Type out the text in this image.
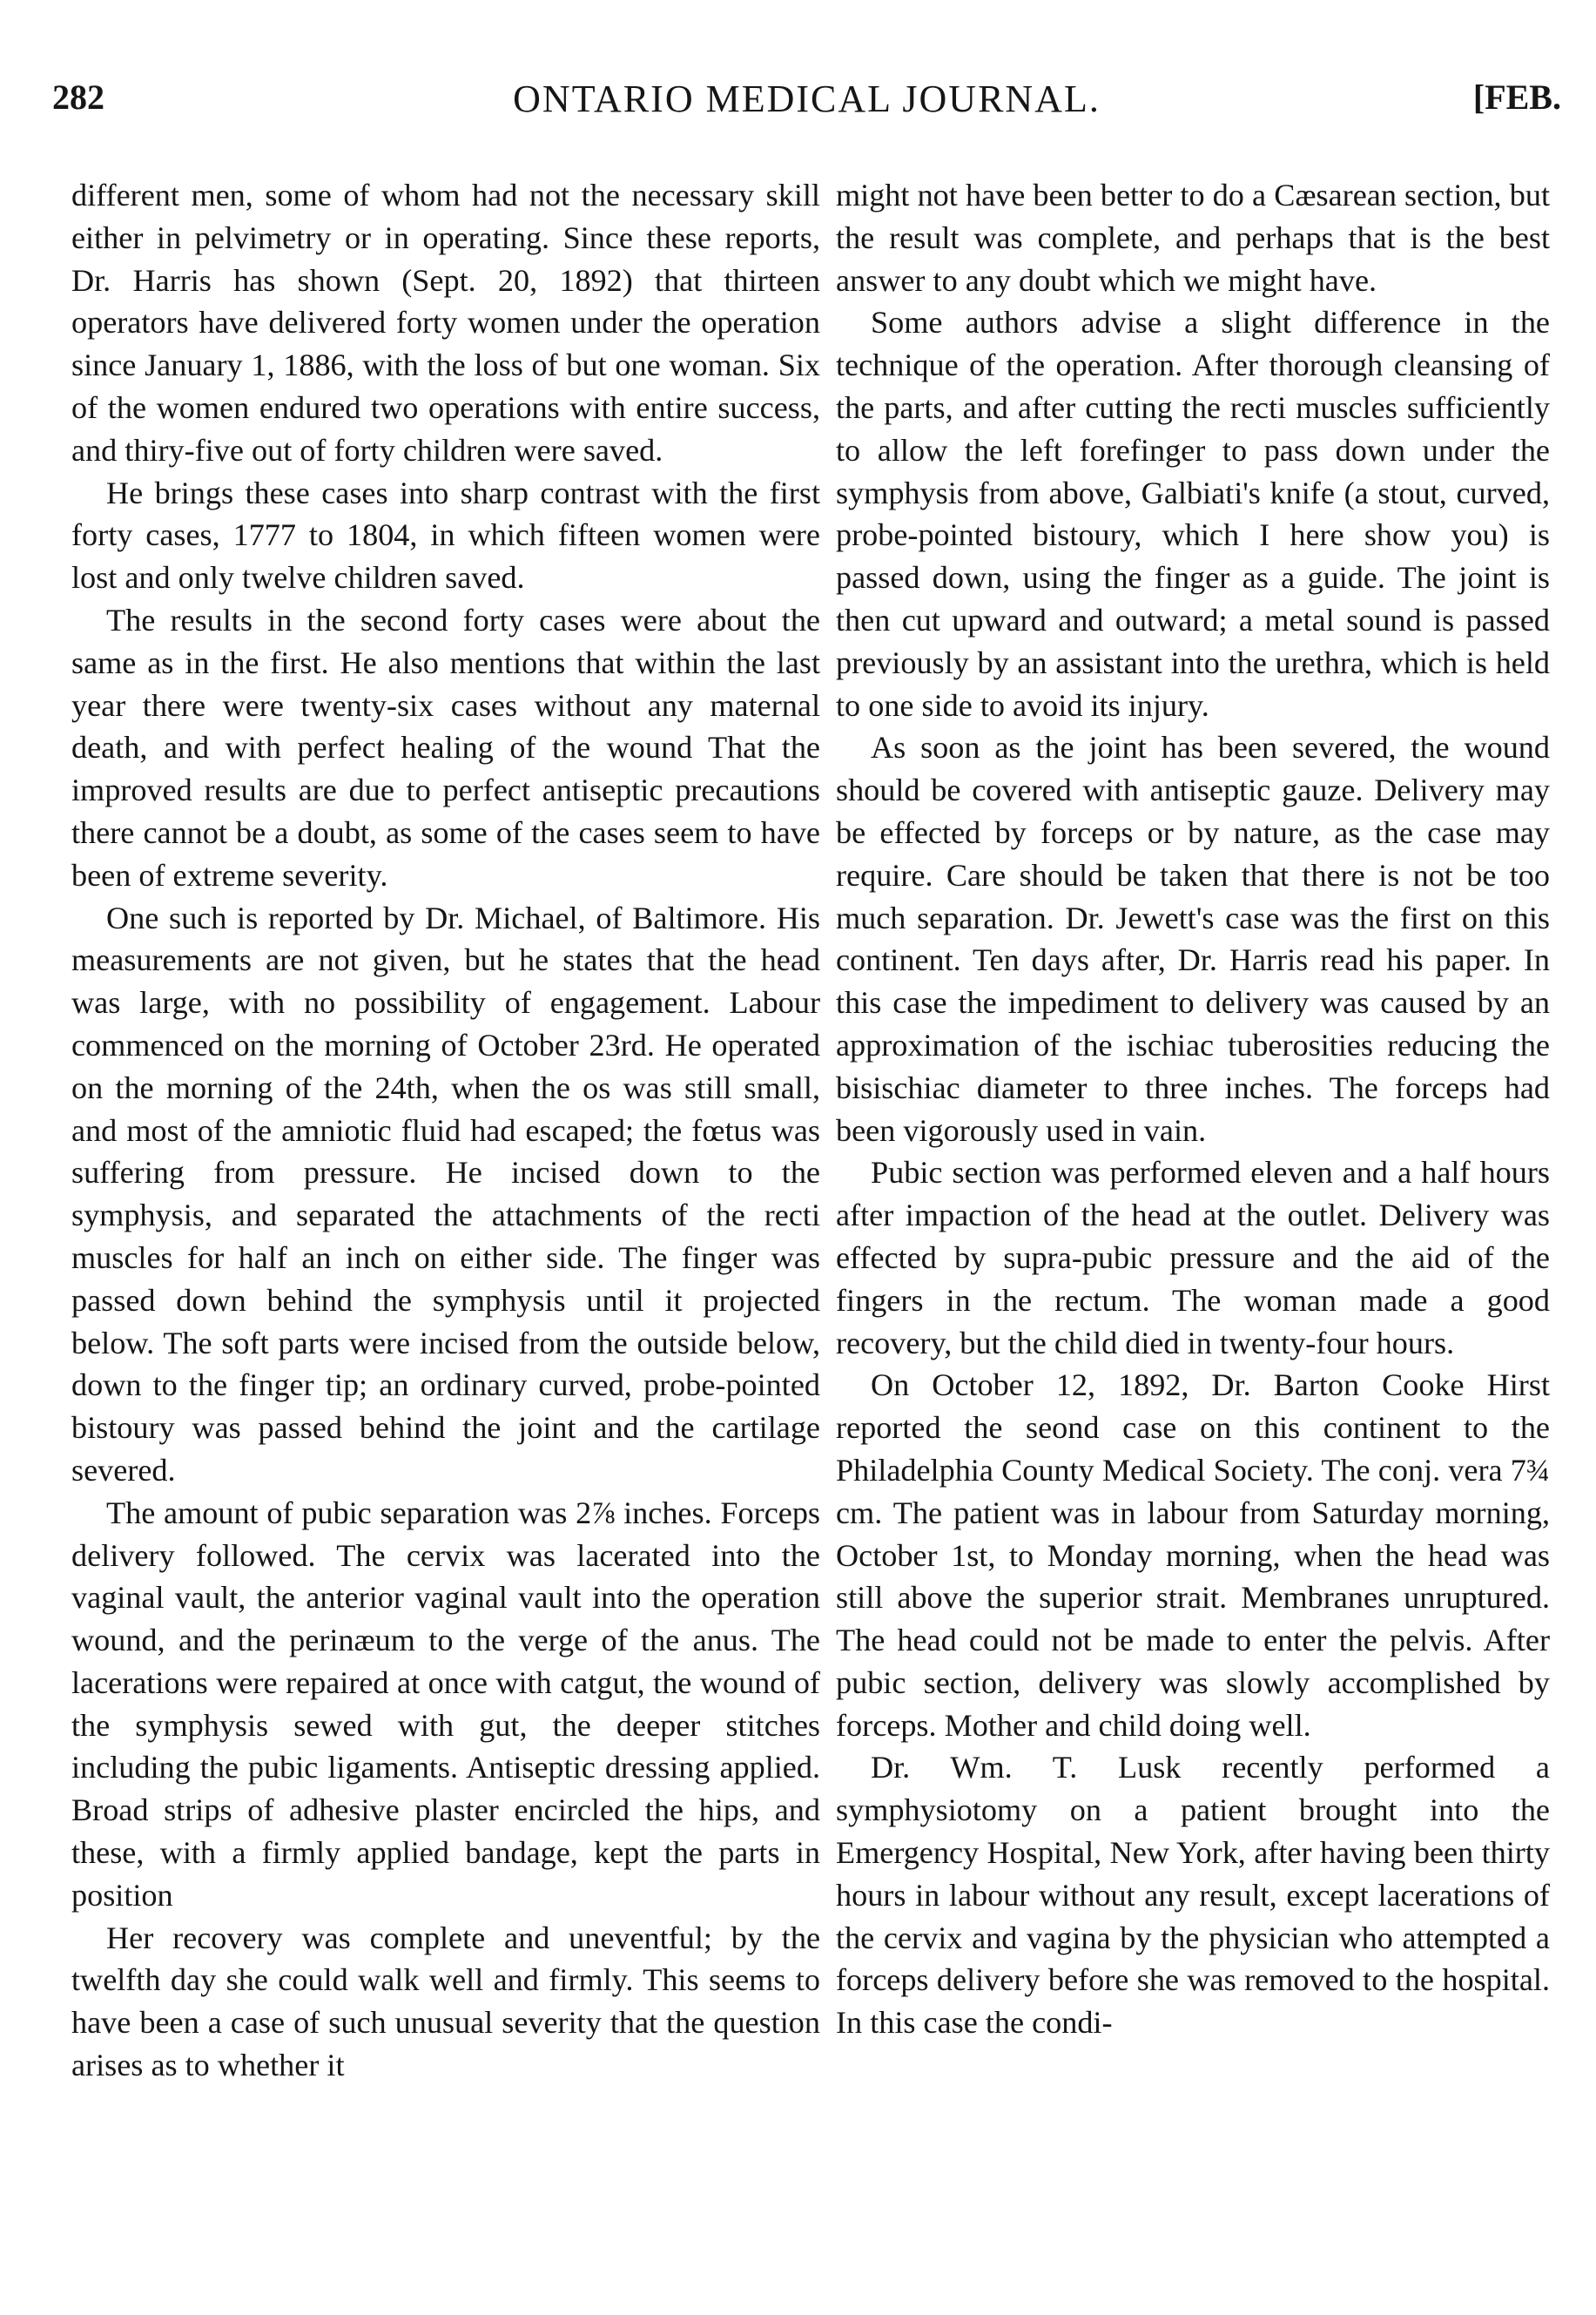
282	ONTARIO MEDICAL JOURNAL.	[FEB.

different men, some of whom had not the necessary skill either in pelvimetry or in operating. Since these reports, Dr. Harris has shown (Sept. 20, 1892) that thirteen operators have delivered forty women under the operation since January 1, 1886, with the loss of but one woman. Six of the women endured two operations with entire success, and thiry-five out of forty children were saved.

He brings these cases into sharp contrast with the first forty cases, 1777 to 1804, in which fifteen women were lost and only twelve children saved.

The results in the second forty cases were about the same as in the first. He also mentions that within the last year there were twenty-six cases without any maternal death, and with perfect healing of the wound That the improved results are due to perfect antiseptic precautions there cannot be a doubt, as some of the cases seem to have been of extreme severity.

One such is reported by Dr. Michael, of Baltimore. His measurements are not given, but he states that the head was large, with no possibility of engagement. Labour commenced on the morning of October 23rd. He operated on the morning of the 24th, when the os was still small, and most of the amniotic fluid had escaped; the fœtus was suffering from pressure. He incised down to the symphysis, and separated the attachments of the recti muscles for half an inch on either side. The finger was passed down behind the symphysis until it projected below. The soft parts were incised from the outside below, down to the finger tip; an ordinary curved, probe-pointed bistoury was passed behind the joint and the cartilage severed.

The amount of pubic separation was 2⅞ inches. Forceps delivery followed. The cervix was lacerated into the vaginal vault, the anterior vaginal vault into the operation wound, and the perinæum to the verge of the anus. The lacerations were repaired at once with catgut, the wound of the symphysis sewed with gut, the deeper stitches including the pubic ligaments. Antiseptic dressing applied. Broad strips of adhesive plaster encircled the hips, and these, with a firmly applied bandage, kept the parts in position

Her recovery was complete and uneventful; by the twelfth day she could walk well and firmly. This seems to have been a case of such unusual severity that the question arises as to whether it

might not have been better to do a Cæsarean section, but the result was complete, and perhaps that is the best answer to any doubt which we might have.

Some authors advise a slight difference in the technique of the operation. After thorough cleansing of the parts, and after cutting the recti muscles sufficiently to allow the left forefinger to pass down under the symphysis from above, Galbiati's knife (a stout, curved, probe-pointed bistoury, which I here show you) is passed down, using the finger as a guide. The joint is then cut upward and outward; a metal sound is passed previously by an assistant into the urethra, which is held to one side to avoid its injury.

As soon as the joint has been severed, the wound should be covered with antiseptic gauze. Delivery may be effected by forceps or by nature, as the case may require. Care should be taken that there is not be too much separation. Dr. Jewett's case was the first on this continent. Ten days after, Dr. Harris read his paper. In this case the impediment to delivery was caused by an approximation of the ischiac tuberosities reducing the bisischiac diameter to three inches. The forceps had been vigorously used in vain.

Pubic section was performed eleven and a half hours after impaction of the head at the outlet. Delivery was effected by supra-pubic pressure and the aid of the fingers in the rectum. The woman made a good recovery, but the child died in twenty-four hours.

On October 12, 1892, Dr. Barton Cooke Hirst reported the seond case on this continent to the Philadelphia County Medical Society. The conj. vera 7¾ cm. The patient was in labour from Saturday morning, October 1st, to Monday morning, when the head was still above the superior strait. Membranes unruptured. The head could not be made to enter the pelvis. After pubic section, delivery was slowly accomplished by forceps. Mother and child doing well.

Dr. Wm. T. Lusk recently performed a symphysiotomy on a patient brought into the Emergency Hospital, New York, after having been thirty hours in labour without any result, except lacerations of the cervix and vagina by the physician who attempted a forceps delivery before she was removed to the hospital. In this case the condi-
